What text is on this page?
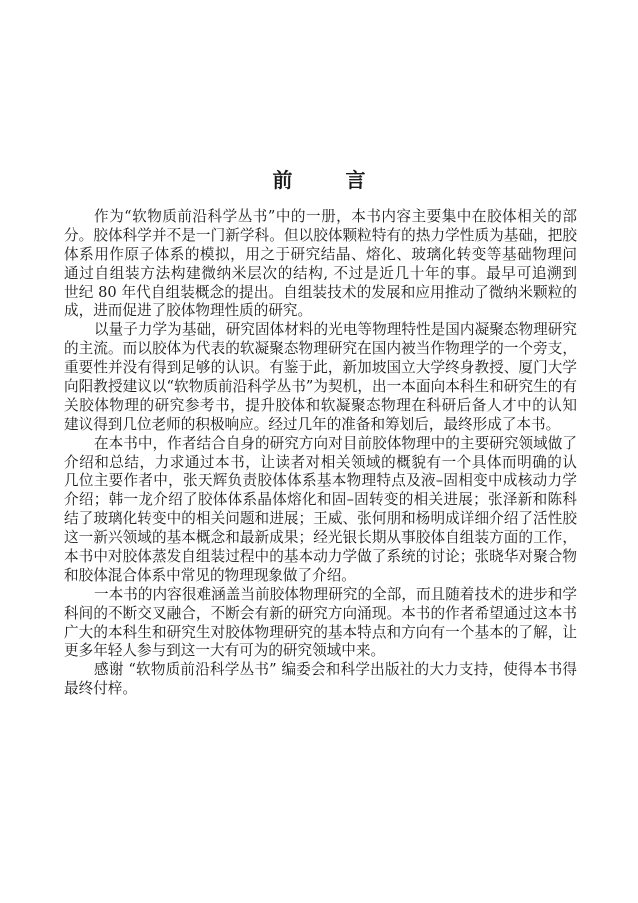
前	言
作为“软物质前沿科学丛书”中的一册，本书内容主要集中在胶体相关的部
分。胶体科学并不是一门新学科。但以胶体颗粒特有的热力学性质为基础，把胶
体系用作原子体系的模拟，用之于研究结晶、熔化、玻璃化转变等基础物理问
通过自组装方法构建微纳米层次的结构, 不过是近几十年的事。最早可追溯到
世纪 80 年代自组装概念的提出。自组装技术的发展和应用推动了微纳米颗粒的
成，进而促进了胶体物理性质的研究。
以量子力学为基础，研究固体材料的光电等物理特性是国内凝聚态物理研究
的主流。而以胶体为代表的软凝聚态物理研究在国内被当作物理学的一个旁支，
重要性并没有得到足够的认识。有鉴于此，新加坡国立大学终身教授、厦门大学
向阳教授建议以“软物质前沿科学丛书”为契机，出一本面向本科生和研究生的有
关胶体物理的研究参考书，提升胶体和软凝聚态物理在科研后备人才中的认知
建议得到几位老师的积极响应。经过几年的准备和筹划后，最终形成了本书。
在本书中，作者结合自身的研究方向对目前胶体物理中的主要研究领域做了
介绍和总结，力求通过本书，让读者对相关领域的概貌有一个具体而明确的认
几位主要作者中，张天辉负责胶体体系基本物理特点及液–固相变中成核动力学
介绍；韩一龙介绍了胶体体系晶体熔化和固–固转变的相关进展；张泽新和陈科
结了玻璃化转变中的相关问题和进展；王威、张何朋和杨明成详细介绍了活性胶
这一新兴领域的基本概念和最新成果；经光银长期从事胶体自组装方面的工作，
本书中对胶体蒸发自组装过程中的基本动力学做了系统的讨论；张晓华对聚合物
和胶体混合体系中常见的物理现象做了介绍。
一本书的内容很难涵盖当前胶体物理研究的全部，而且随着技术的进步和学
科间的不断交叉融合，不断会有新的研究方向涌现。本书的作者希望通过这本书
广大的本科生和研究生对胶体物理研究的基本特点和方向有一个基本的了解，让
更多年轻人参与到这一大有可为的研究领域中来。
感谢 “软物质前沿科学丛书” 编委会和科学出版社的大力支持，使得本书得
最终付梓。
